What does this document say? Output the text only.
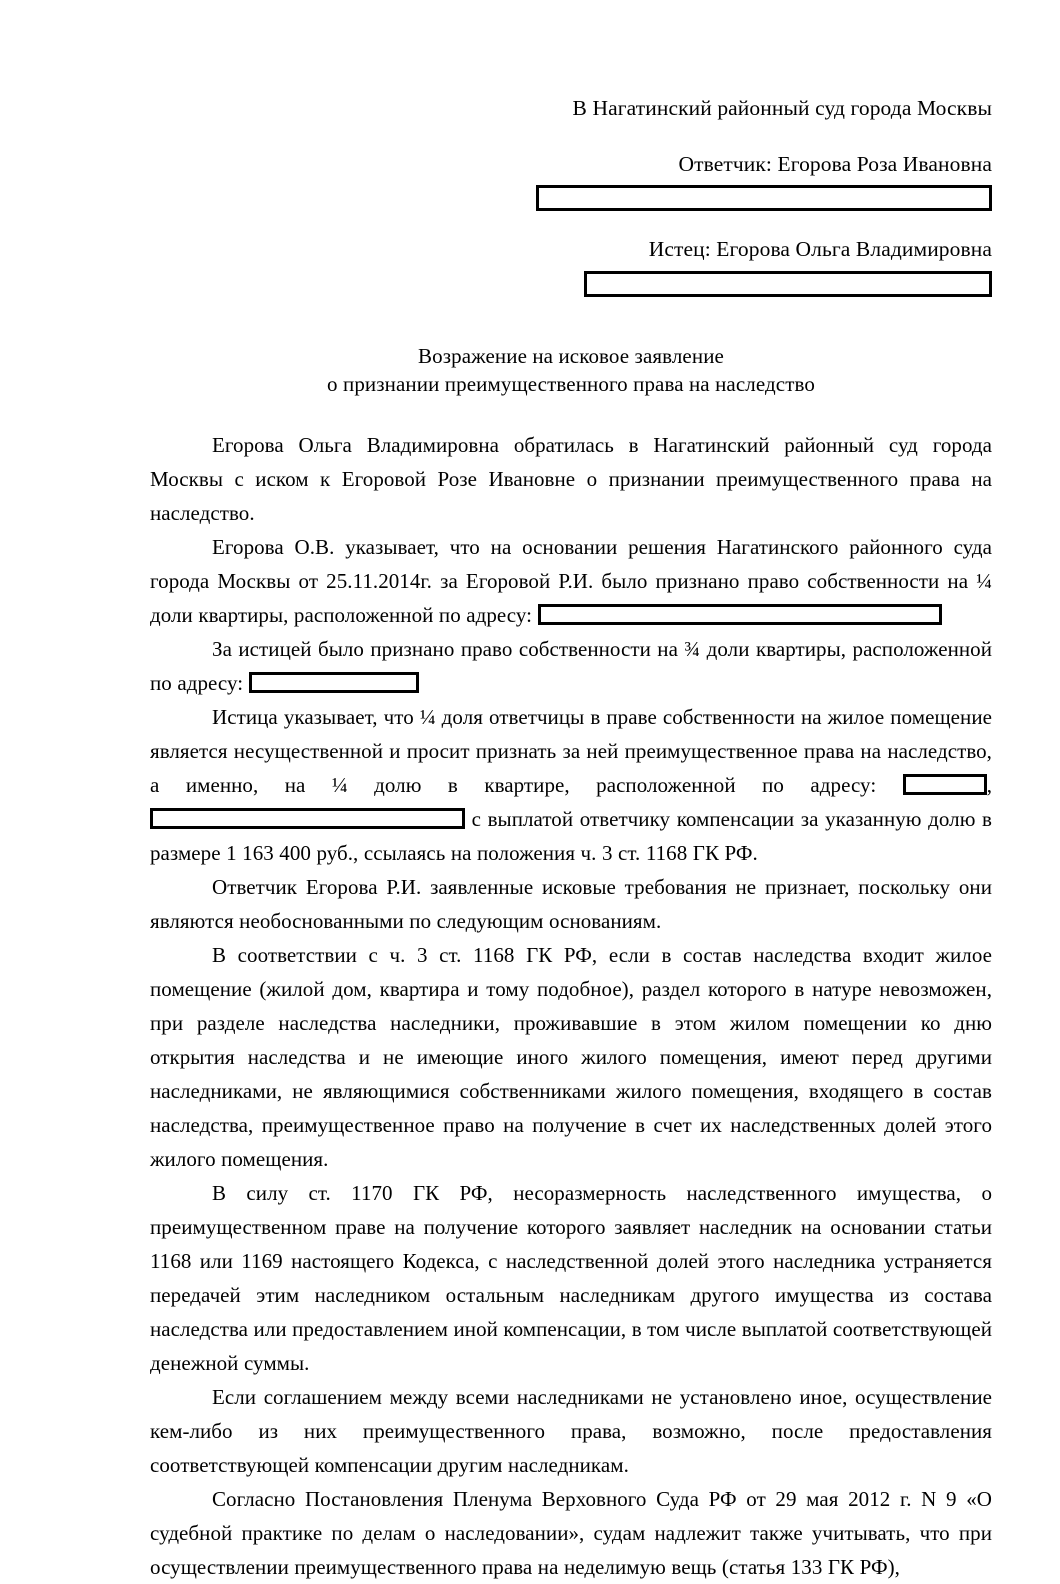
В Нагатинский районный суд города Москвы
Ответчик: Егорова Роза Ивановна
Истец: Егорова Ольга Владимировна
Возражение на исковое заявление
о признании преимущественного права на наследство

Егорова Ольга Владимировна обратилась в Нагатинский районный суд города Москвы с иском к Егоровой Розе Ивановне о признании преимущественного права на наследство.

Егорова О.В. указывает, что на основании решения Нагатинского районного суда города Москвы от 25.11.2014г. за Егоровой Р.И. было признано право собственности на ¼ доли квартиры, расположенной по адресу:

За истицей было признано право собственности на ¾ доли квартиры, расположенной по адресу:

Истица указывает, что ¼ доля ответчицы в праве собственности на жилое помещение является несущественной и просит признать за ней преимущественное права на наследство, а именно, на ¼ долю в квартире, расположенной по адресу:	, с выплатой ответчику компенсации за указанную долю в размере 1 163 400 руб., ссылаясь на положения ч. 3 ст. 1168 ГК РФ.

Ответчик Егорова Р.И. заявленные исковые требования не признает, поскольку они являются необоснованными по следующим основаниям.

В соответствии с ч. 3 ст. 1168 ГК РФ, если в состав наследства входит жилое помещение (жилой дом, квартира и тому подобное), раздел которого в натуре невозможен, при разделе наследства наследники, проживавшие в этом жилом помещении ко дню открытия наследства и не имеющие иного жилого помещения, имеют перед другими наследниками, не являющимися собственниками жилого помещения, входящего в состав наследства, преимущественное право на получение в счет их наследственных долей этого жилого помещения.

В силу ст. 1170 ГК РФ, несоразмерность наследственного имущества, о преимущественном праве на получение которого заявляет наследник на основании статьи 1168 или 1169 настоящего Кодекса, с наследственной долей этого наследника устраняется передачей этим наследником остальным наследникам другого имущества из состава наследства или предоставлением иной компенсации, в том числе выплатой соответствующей денежной суммы.

Если соглашением между всеми наследниками не установлено иное, осуществление кем-либо из них преимущественного права, возможно, после предоставления соответствующей компенсации другим наследникам.

Согласно Постановления Пленума Верховного Суда РФ от 29 мая 2012 г. N 9 «О судебной практике по делам о наследовании», судам надлежит также учитывать, что при осуществлении преимущественного права на неделимую вещь (статья 133 ГК РФ),
